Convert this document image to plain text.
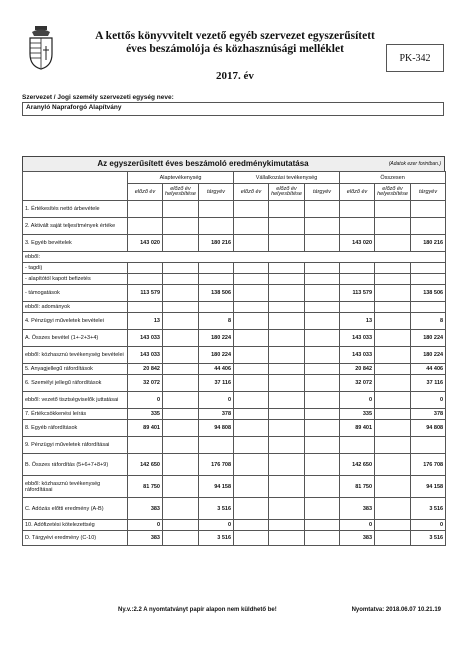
A kettős könyvvitelt vezető egyéb szervezet egyszerűsített
éves beszámolója és közhasznúsági melléklet
2017. év
PK-342
Szervezet / Jogi személy szervezeti egység neve:
Aranyló Napraforgó Alapítvány
Az egyszerűsített éves beszámoló eredménykimutatása	(Adatok ezer forintban.)
	Alaptevékenység			Vállalkozási tevékenység			Összesen		
	előző év	előző év helyesbítése	tárgyév	előző év	előző év helyesbítése	tárgyév	előző év	előző év helyesbítése	tárgyév
1. Értékesítés nettó árbevétele									
2. Aktivált saját teljesítmények értéke									
3. Egyéb bevételek	143 020		180 216				143 020		180 216
ebből:									
- tagdíj									
- alapítótól kapott befizetés									
- támogatások	113 579		138 506				113 579		138 506
ebből: adományok									
4. Pénzügyi műveletek bevételei	13		8				13		8
A. Összes bevétel (1+-2+3+4)	143 033		180 224				143 033		180 224
ebből: közhasznú tevékenység bevételei	143 033		180 224				143 033		180 224
5. Anyagjellegű ráfordítások	20 842		44 406				20 842		44 406
6. Személyi jellegű ráfordítások	32 072		37 116				32 072		37 116
ebből: vezető tisztségviselők juttatásai	0		0				0		0
7. Értékcsökkenési leírás	335		378				335		378
8. Egyéb ráfordítások	89 401		94 808				89 401		94 808
9. Pénzügyi műveletek ráfordításai									
B. Összes ráfordítás (5+6+7+8+9)	142 650		176 708				142 650		176 708
ebből: közhasznú tevékenység ráfordításai	81 750		94 158				81 750		94 158
C. Adózás előtti eredmény (A-B)	383		3 516				383		3 516
10. Adófizetési kötelezettség	0		0				0		0
D. Tárgyévi eredmény (C-10)	383		3 516				383		3 516
Ny.v.:2.2 A nyomtatványt papír alapon nem küldhető be!	Nyomtatva: 2018.06.07 10.21.19
